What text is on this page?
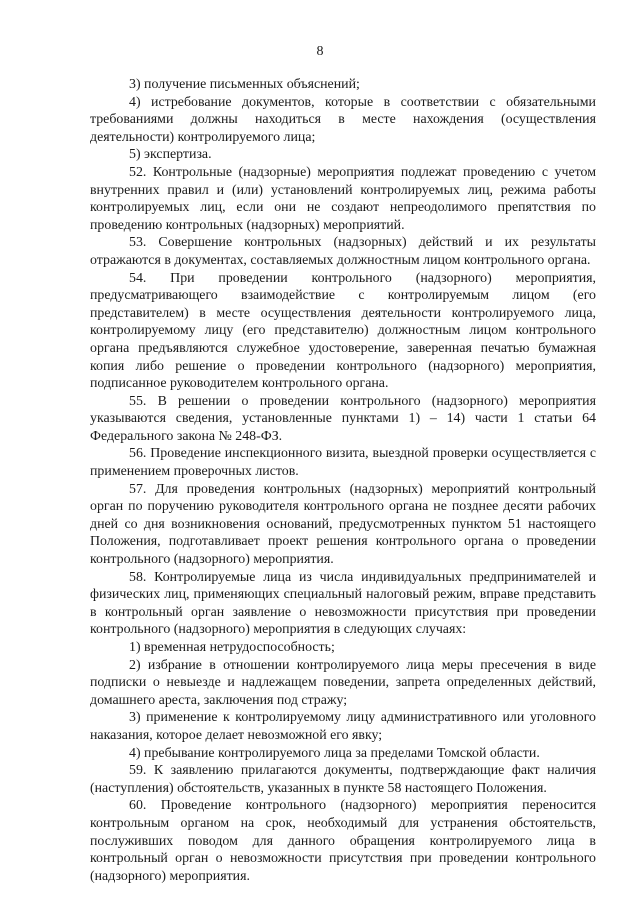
8

3) получение письменных объяснений;

4) истребование документов, которые в соответствии с обязательными требованиями должны находиться в месте нахождения (осуществления деятельности) контролируемого лица;

5) экспертиза.

52. Контрольные (надзорные) мероприятия подлежат проведению с учетом внутренних правил и (или) установлений контролируемых лиц, режима работы контролируемых лиц, если они не создают непреодолимого препятствия по проведению контрольных (надзорных) мероприятий.

53. Совершение контрольных (надзорных) действий и их результаты отражаются в документах, составляемых должностным лицом контрольного органа.

54. При проведении контрольного (надзорного) мероприятия, предусматривающего взаимодействие с контролируемым лицом (его представителем) в месте осуществления деятельности контролируемого лица, контролируемому лицу (его представителю) должностным лицом контрольного органа предъявляются служебное удостоверение, заверенная печатью бумажная копия либо решение о проведении контрольного (надзорного) мероприятия, подписанное руководителем контрольного органа.

55. В решении о проведении контрольного (надзорного) мероприятия указываются сведения, установленные пунктами 1) – 14) части 1 статьи 64 Федерального закона № 248-ФЗ.

56. Проведение инспекционного визита, выездной проверки осуществляется с применением проверочных листов.

57. Для проведения контрольных (надзорных) мероприятий контрольный орган по поручению руководителя контрольного органа не позднее десяти рабочих дней со дня возникновения оснований, предусмотренных пунктом 51 настоящего Положения, подготавливает проект решения контрольного органа о проведении контрольного (надзорного) мероприятия.

58. Контролируемые лица из числа индивидуальных предпринимателей и физических лиц, применяющих специальный налоговый режим, вправе представить в контрольный орган заявление о невозможности присутствия при проведении контрольного (надзорного) мероприятия в следующих случаях:

1) временная нетрудоспособность;

2) избрание в отношении контролируемого лица меры пресечения в виде подписки о невыезде и надлежащем поведении, запрета определенных действий, домашнего ареста, заключения под стражу;

3) применение к контролируемому лицу административного или уголовного наказания, которое делает невозможной его явку;

4) пребывание контролируемого лица за пределами Томской области.

59. К заявлению прилагаются документы, подтверждающие факт наличия (наступления) обстоятельств, указанных в пункте 58 настоящего Положения.

60. Проведение контрольного (надзорного) мероприятия переносится контрольным органом на срок, необходимый для устранения обстоятельств, послуживших поводом для данного обращения контролируемого лица в контрольный орган о невозможности присутствия при проведении контрольного (надзорного) мероприятия.
